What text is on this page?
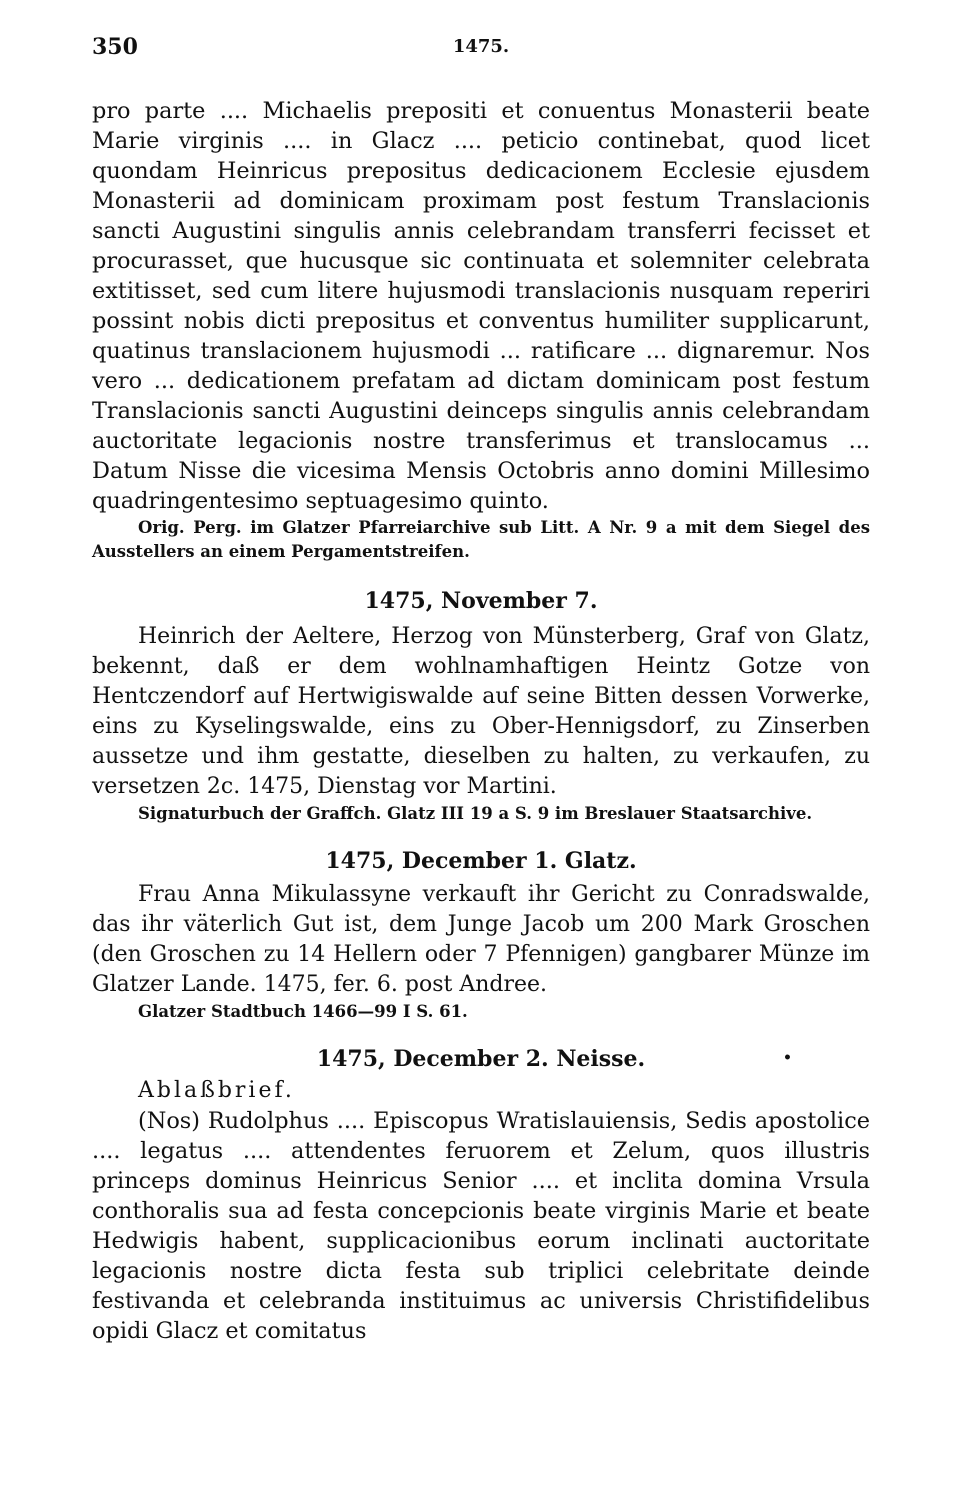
350	1475.

pro parte .... Michaelis prepositi et conuentus Monasterii beate Marie virginis .... in Glacz .... peticio continebat, quod licet quondam Heinricus prepositus dedicacionem Ecclesie ejusdem Monasterii ad dominicam proximam post festum Translacionis sancti Augustini singulis annis celebrandam transferri fecisset et procurasset, que hucusque sic continuata et solemniter celebrata extitisset, sed cum litere hujusmodi translacionis nusquam reperiri possint nobis dicti prepositus et conventus humiliter supplicarunt, quatinus translacionem hujusmodi ... ratificare ... dignaremur. Nos vero ... dedicationem prefatam ad dictam dominicam post festum Translacionis sancti Augustini deinceps singulis annis celebrandam auctoritate legacionis nostre transferimus et translocamus ... Datum Nisse die vicesima Mensis Octobris anno domini Millesimo quadringentesimo septuagesimo quinto.

Orig. Perg. im Glatzer Pfarreiarchive sub Litt. A Nr. 9 a mit dem Siegel des Ausstellers an einem Pergamentstreifen.

1475, November 7.

Heinrich der Aeltere, Herzog von Münsterberg, Graf von Glatz, bekennt, daß er dem wohlnamhaftigen Heintz Gotze von Hentczendorf auf Hertwigiswalde auf seine Bitten dessen Vorwerke, eins zu Kyselingswalde, eins zu Ober-Hennigsdorf, zu Zinserben aussetze und ihm gestatte, dieselben zu halten, zu verkaufen, zu versetzen 2c. 1475, Dienstag vor Martini.

Signaturbuch der Graffch. Glatz III 19 a S. 9 im Breslauer Staatsarchive.

1475, December 1. Glatz.

Frau Anna Mikulassyne verkauft ihr Gericht zu Conradswalde, das ihr väterlich Gut ist, dem Junge Jacob um 200 Mark Groschen (den Groschen zu 14 Hellern oder 7 Pfennigen) gangbarer Münze im Glatzer Lande. 1475, fer. 6. post Andree.

Glatzer Stadtbuch 1466—99 I S. 61.

1475, December 2. Neisse.	•

Ablaßbrief.

(Nos) Rudolphus .... Episcopus Wratislauiensis, Sedis apostolice .... legatus .... attendentes feruorem et Zelum, quos illustris princeps dominus Heinricus Senior .... et inclita domina Vrsula conthoralis sua ad festa concepcionis beate virginis Marie et beate Hedwigis habent, supplicacionibus eorum inclinati auctoritate legacionis nostre dicta festa sub triplici celebritate deinde festivanda et celebranda instituimus ac universis Christifidelibus opidi Glacz et comitatus
